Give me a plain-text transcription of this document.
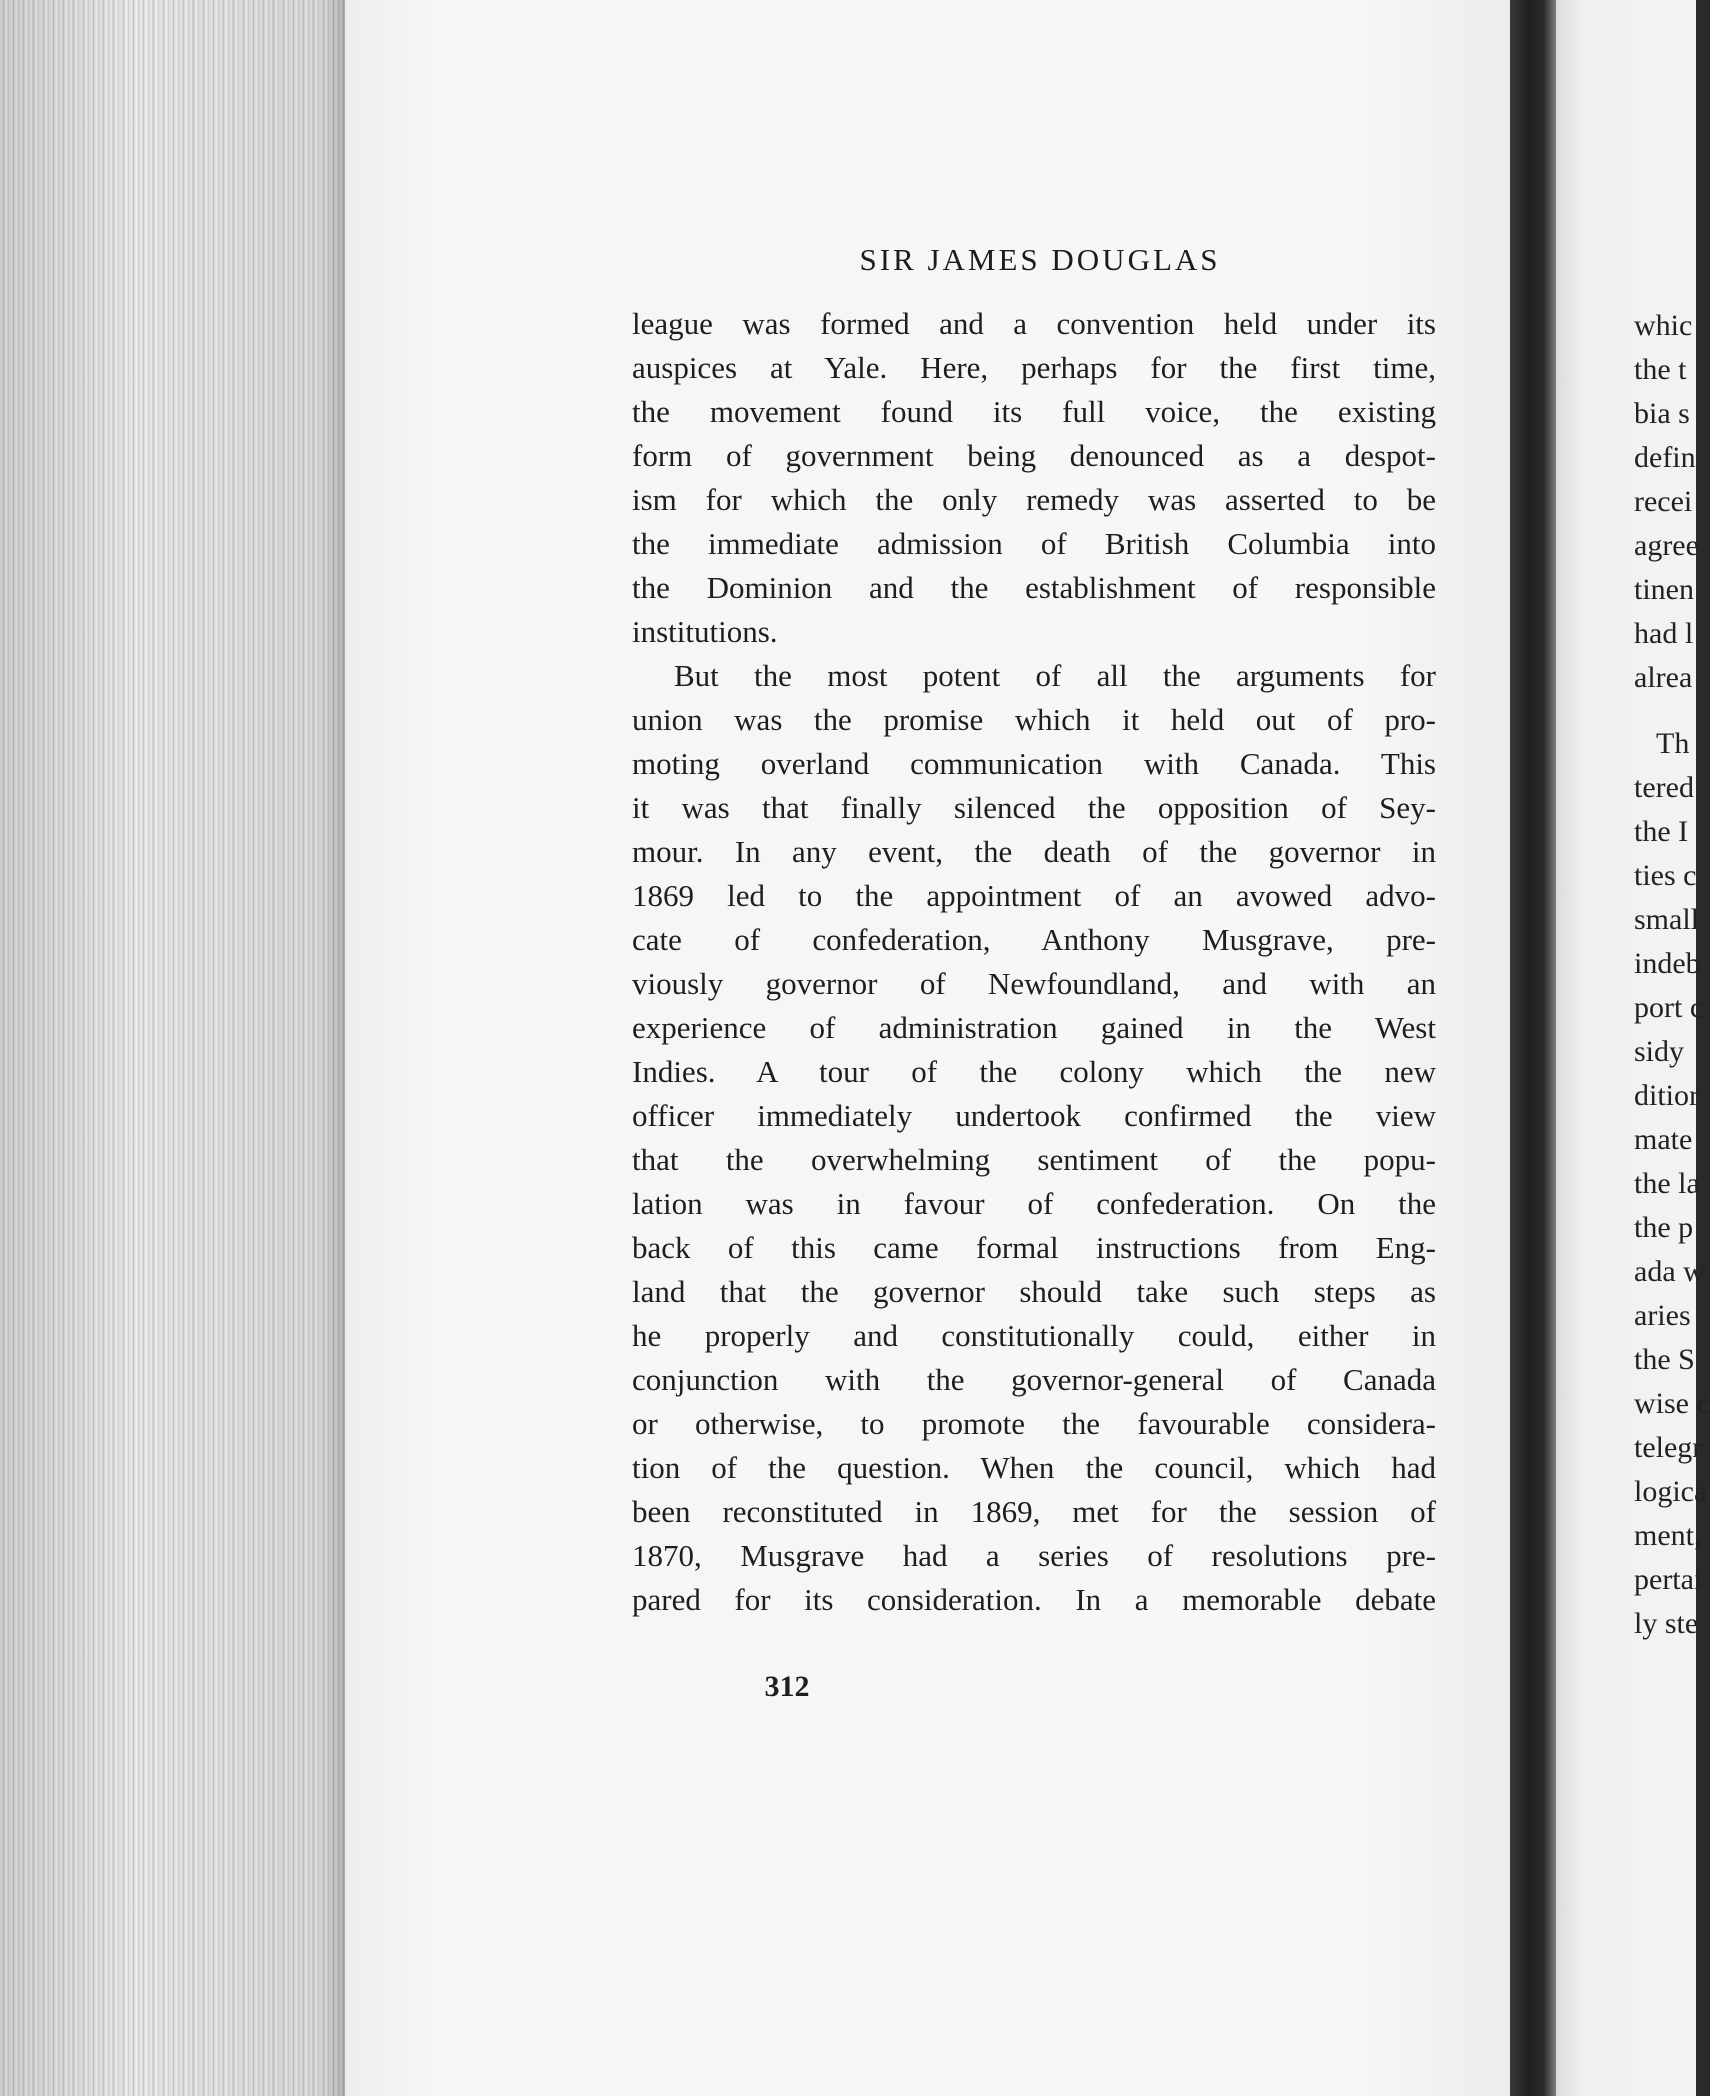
SIR JAMES DOUGLAS
league was formed and a convention held under its
auspices at Yale. Here, perhaps for the first time,
the movement found its full voice, the existing
form of government being denounced as a despot-
ism for which the only remedy was asserted to be
the immediate admission of British Columbia into
the Dominion and the establishment of responsible
institutions.
But the most potent of all the arguments for
union was the promise which it held out of pro-
moting overland communication with Canada. This
it was that finally silenced the opposition of Sey-
mour. In any event, the death of the governor in
1869 led to the appointment of an avowed advo-
cate of confederation, Anthony Musgrave, pre-
viously governor of Newfoundland, and with an
experience of administration gained in the West
Indies. A tour of the colony which the new
officer immediately undertook confirmed the view
that the overwhelming sentiment of the popu-
lation was in favour of confederation. On the
back of this came formal instructions from Eng-
land that the governor should take such steps as
he properly and constitutionally could, either in
conjunction with the governor-general of Canada
or otherwise, to promote the favourable considera-
tion of the question. When the council, which had
been reconstituted in 1869, met for the session of
1870, Musgrave had a series of resolutions pre-
pared for its consideration. In a memorable debate
312
whic
the t
bia s
defin
recei
agree
tinen
had l
alrea
Th
tered
the I
ties c
small
indeb
port c
sidy
ditior
mate
the la
the p
ada w
aries
the S
wise c
telegr
logica
ment,
pertai
ly ste
